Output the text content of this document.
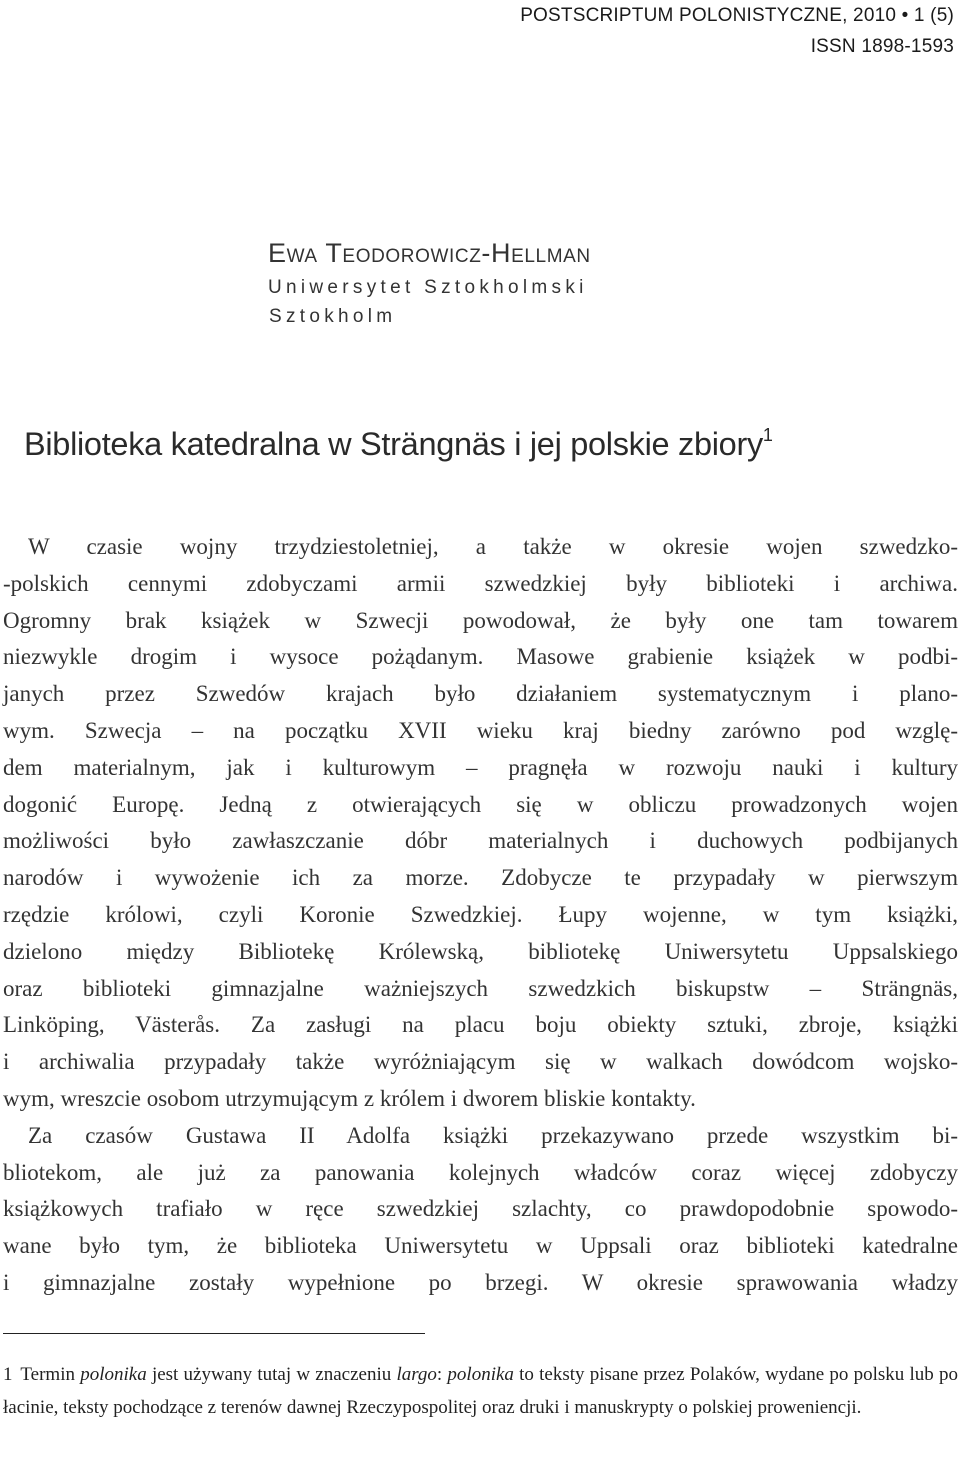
POSTSCRIPTUM POLONISTYCZNE, 2010 • 1 (5)
ISSN 1898-1593
Ewa Teodorowicz-Hellman
Uniwersytet Sztokholmski
Sztokholm
Biblioteka katedralna w Strängnäs i jej polskie zbiory$^1$

W czasie wojny trzydziestoletniej, a także w okresie wojen szwedzko-

-polskich cennymi zdobyczami armii szwedzkiej były biblioteki i archiwa.

Ogromny brak książek w Szwecji powodował, że były one tam towarem

niezwykle drogim i wysoce pożądanym. Masowe grabienie książek w podbi-

janych przez Szwedów krajach było działaniem systematycznym i plano-

wym. Szwecja – na początku XVII wieku kraj biedny zarówno pod wzglę-

dem materialnym, jak i kulturowym – pragnęła w rozwoju nauki i kultury

dogonić Europę. Jedną z otwierających się w obliczu prowadzonych wojen

możliwości było zawłaszczanie dóbr materialnych i duchowych podbijanych

narodów i wywożenie ich za morze. Zdobycze te przypadały w pierwszym

rzędzie królowi, czyli Koronie Szwedzkiej. Łupy wojenne, w tym książki,

dzielono między Bibliotekę Królewską, bibliotekę Uniwersytetu Uppsalskiego

oraz biblioteki gimnazjalne ważniejszych szwedzkich biskupstw – Strängnäs,

Linköping, Västerås. Za zasługi na placu boju obiekty sztuki, zbroje, książki

i archiwalia przypadały także wyróżniającym się w walkach dowódcom wojsko-

wym, wreszcie osobom utrzymującym z królem i dworem bliskie kontakty.

Za czasów Gustawa II Adolfa książki przekazywano przede wszystkim bi-

bliotekom, ale już za panowania kolejnych władców coraz więcej zdobyczy

książkowych trafiało w ręce szwedzkiej szlachty, co prawdopodobnie spowodo-

wane było tym, że biblioteka Uniwersytetu w Uppsali oraz biblioteki katedralne

i gimnazjalne zostały wypełnione po brzegi. W okresie sprawowania władzy

1 Termin polonika jest używany tutaj w znaczeniu largo: polonika to teksty pisane przez Polaków, wydane po polsku lub po łacinie, teksty pochodzące z terenów dawnej Rzeczypospolitej oraz druki i manuskrypty o polskiej proweniencji.
